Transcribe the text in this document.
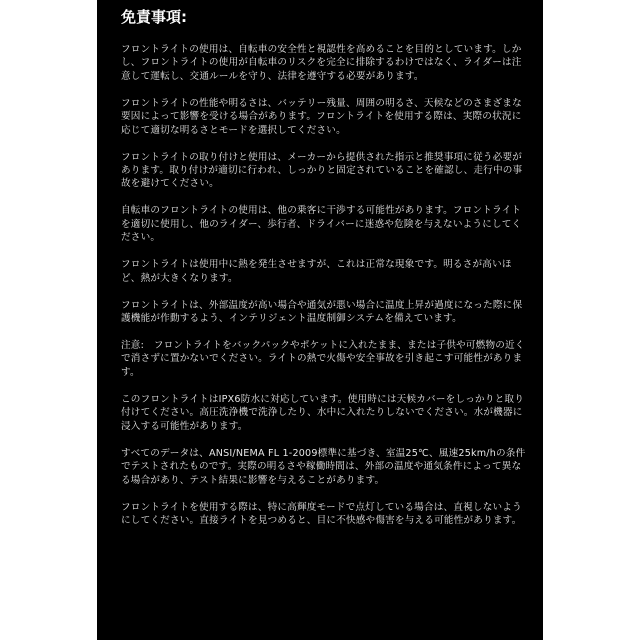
免責事項:

フロントライトの使用は、自転車の安全性と視認性を高めることを目的としています。しかし、フロントライトの使用が自転車のリスクを完全に排除するわけではなく、ライダーは注意して運転し、交通ルールを守り、法律を遵守する必要があります。

フロントライトの性能や明るさは、バッテリー残量、周囲の明るさ、天候などのさまざまな要因によって影響を受ける場合があります。フロントライトを使用する際は、実際の状況に応じて適切な明るさとモードを選択してください。

フロントライトの取り付けと使用は、メーカーから提供された指示と推奨事項に従う必要があります。取り付けが適切に行われ、しっかりと固定されていることを確認し、走行中の事故を避けてください。

自転車のフロントライトの使用は、他の乗客に干渉する可能性があります。フロントライトを適切に使用し、他のライダー、歩行者、ドライバーに迷惑や危険を与えないようにしてください。

フロントライトは使用中に熱を発生させますが、これは正常な現象です。明るさが高いほど、熱が大きくなります。

フロントライトは、外部温度が高い場合や通気が悪い場合に温度上昇が過度になった際に保護機能が作動するよう、インテリジェント温度制御システムを備えています。

注意:　フロントライトをバックパックやポケットに入れたまま、または子供や可燃物の近くで消さずに置かないでください。ライトの熱で火傷や安全事故を引き起こす可能性があります。

このフロントライトはIPX6防水に対応しています。使用時には天候カバーをしっかりと取り付けてください。高圧洗浄機で洗浄したり、水中に入れたりしないでください。水が機器に浸入する可能性があります。

すべてのデータは、ANSI/NEMA FL 1-2009標準に基づき、室温25℃、風速25km/hの条件でテストされたものです。実際の明るさや稼働時間は、外部の温度や通気条件によって異なる場合があり、テスト結果に影響を与えることがあります。

フロントライトを使用する際は、特に高輝度モードで点灯している場合は、直視しないようにしてください。直接ライトを見つめると、目に不快感や傷害を与える可能性があります。
